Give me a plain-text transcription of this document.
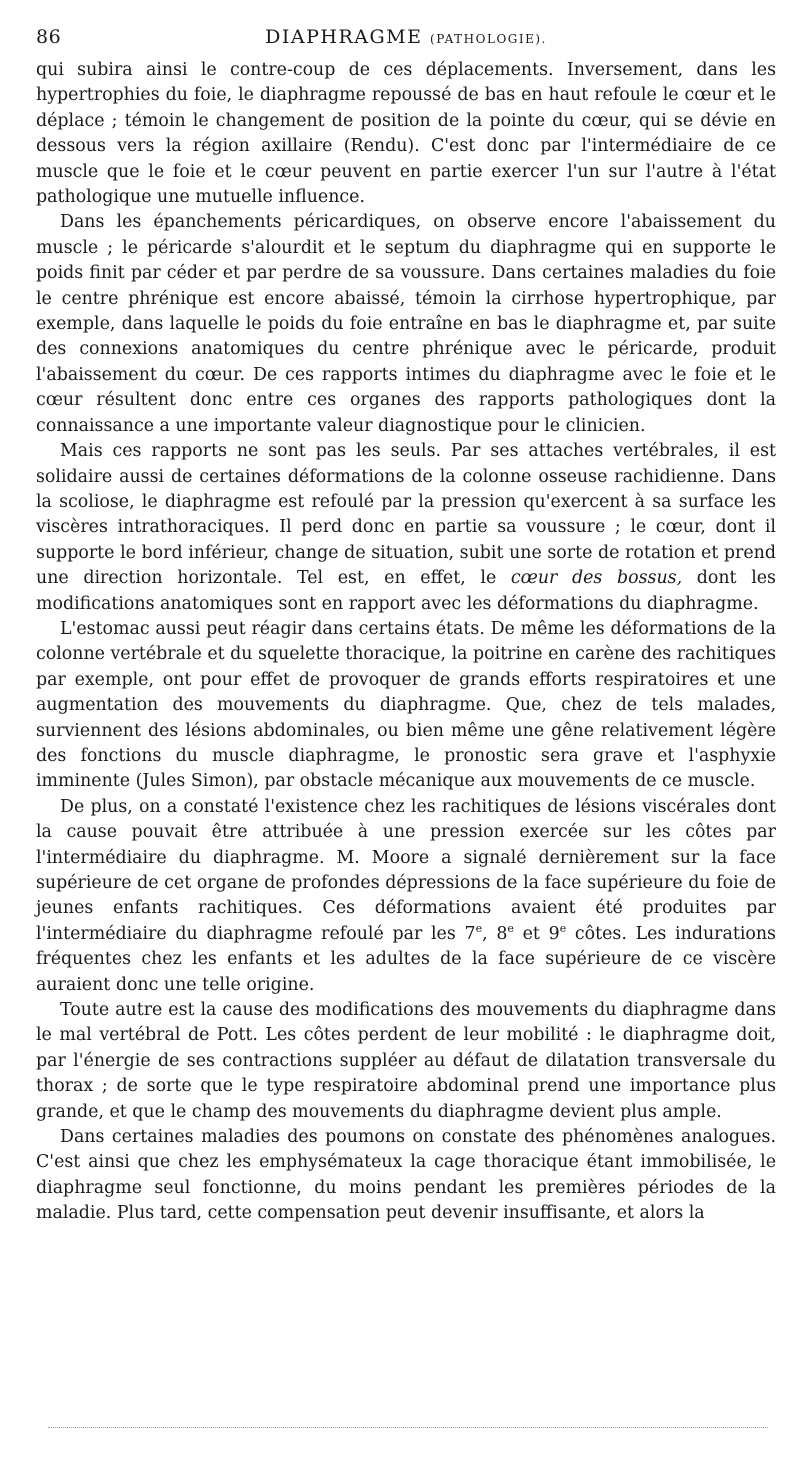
86	DIAPHRAGME (PATHOLOGIE).

qui subira ainsi le contre-coup de ces déplacements. Inversement, dans les hypertrophies du foie, le diaphragme repoussé de bas en haut refoule le cœur et le déplace ; témoin le changement de position de la pointe du cœur, qui se dévie en dessous vers la région axillaire (Rendu). C'est donc par l'intermédiaire de ce muscle que le foie et le cœur peuvent en partie exercer l'un sur l'autre à l'état pathologique une mutuelle influence.

Dans les épanchements péricardiques, on observe encore l'abaissement du muscle ; le péricarde s'alourdit et le septum du diaphragme qui en supporte le poids finit par céder et par perdre de sa voussure. Dans certaines maladies du foie le centre phrénique est encore abaissé, témoin la cirrhose hypertrophique, par exemple, dans laquelle le poids du foie entraîne en bas le diaphragme et, par suite des connexions anatomiques du centre phrénique avec le péricarde, produit l'abaissement du cœur. De ces rapports intimes du diaphragme avec le foie et le cœur résultent donc entre ces organes des rapports pathologiques dont la connaissance a une importante valeur diagnostique pour le clinicien.

Mais ces rapports ne sont pas les seuls. Par ses attaches vertébrales, il est solidaire aussi de certaines déformations de la colonne osseuse rachidienne. Dans la scoliose, le diaphragme est refoulé par la pression qu'exercent à sa surface les viscères intrathoraciques. Il perd donc en partie sa voussure ; le cœur, dont il supporte le bord inférieur, change de situation, subit une sorte de rotation et prend une direction horizontale. Tel est, en effet, le cœur des bossus, dont les modifications anatomiques sont en rapport avec les déformations du diaphragme.

L'estomac aussi peut réagir dans certains états. De même les déformations de la colonne vertébrale et du squelette thoracique, la poitrine en carène des rachitiques par exemple, ont pour effet de provoquer de grands efforts respiratoires et une augmentation des mouvements du diaphragme. Que, chez de tels malades, surviennent des lésions abdominales, ou bien même une gêne relativement légère des fonctions du muscle diaphragme, le pronostic sera grave et l'asphyxie imminente (Jules Simon), par obstacle mécanique aux mouvements de ce muscle.

De plus, on a constaté l'existence chez les rachitiques de lésions viscérales dont la cause pouvait être attribuée à une pression exercée sur les côtes par l'intermédiaire du diaphragme. M. Moore a signalé dernièrement sur la face supérieure de cet organe de profondes dépressions de la face supérieure du foie de jeunes enfants rachitiques. Ces déformations avaient été produites par l'intermédiaire du diaphragme refoulé par les 7e, 8e et 9e côtes. Les indurations fréquentes chez les enfants et les adultes de la face supérieure de ce viscère auraient donc une telle origine.

Toute autre est la cause des modifications des mouvements du diaphragme dans le mal vertébral de Pott. Les côtes perdent de leur mobilité : le diaphragme doit, par l'énergie de ses contractions suppléer au défaut de dilatation transversale du thorax ; de sorte que le type respiratoire abdominal prend une importance plus grande, et que le champ des mouvements du diaphragme devient plus ample.

Dans certaines maladies des poumons on constate des phénomènes analogues. C'est ainsi que chez les emphysémateux la cage thoracique étant immobilisée, le diaphragme seul fonctionne, du moins pendant les premières périodes de la maladie. Plus tard, cette compensation peut devenir insuffisante, et alors la
